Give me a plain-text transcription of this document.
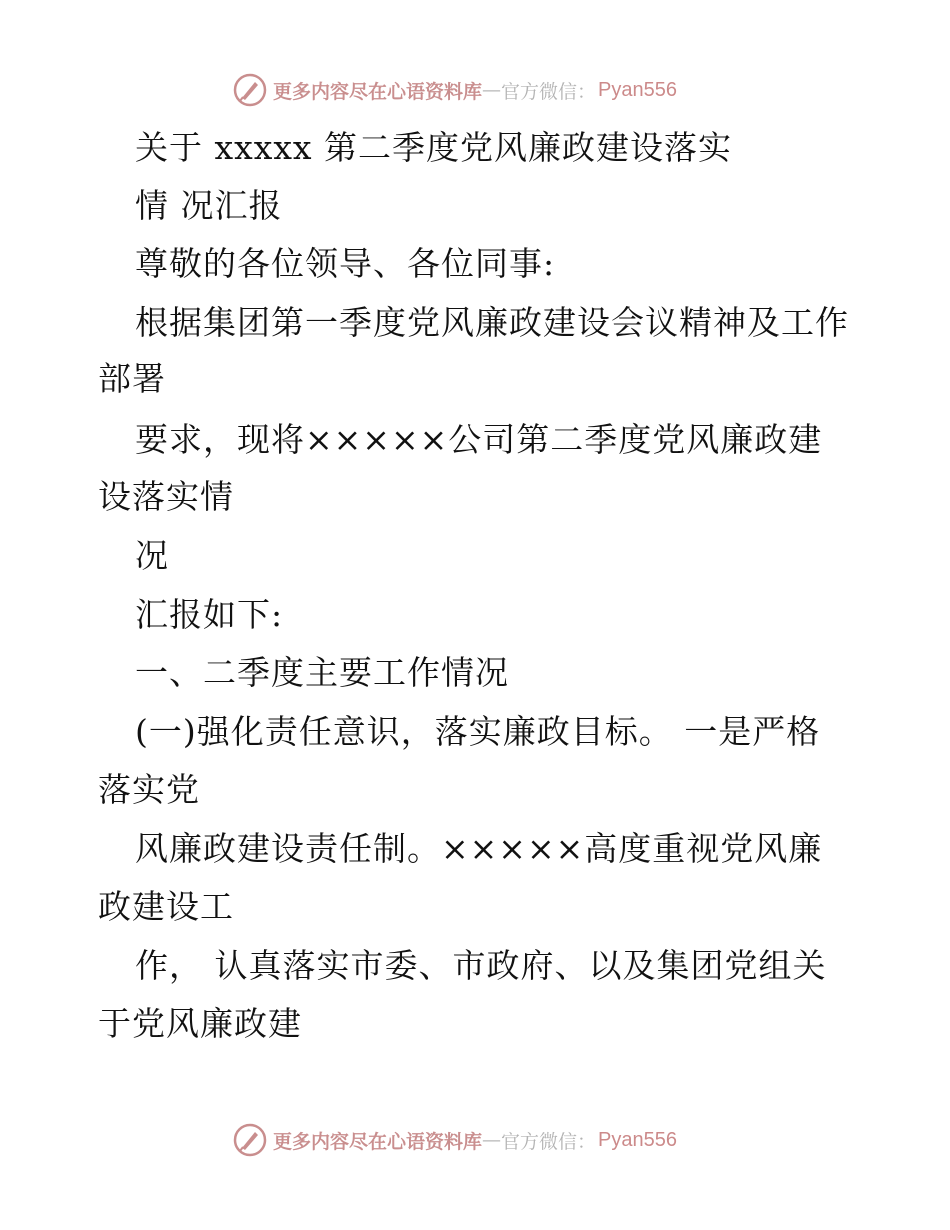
更多内容尽在心语资料库 — 官方微信： Pyan556
关于 xxxxx 第二季度党风廉政建设落实
情 况汇报
尊敬的各位领导、各位同事:
根据集团第一季度党风廉政建设会议精神及工作
部署
要求，现将×××××公司第二季度党风廉政建
设落实情
况
汇报如下:
一、二季度主要工作情况
(一)强化责任意识，落实廉政目标。 一是严格
落实党
风廉政建设责任制。×××××高度重视党风廉
政建设工
作， 认真落实市委、市政府、以及集团党组关
于党风廉政建
更多内容尽在心语资料库 — 官方微信： Pyan556
